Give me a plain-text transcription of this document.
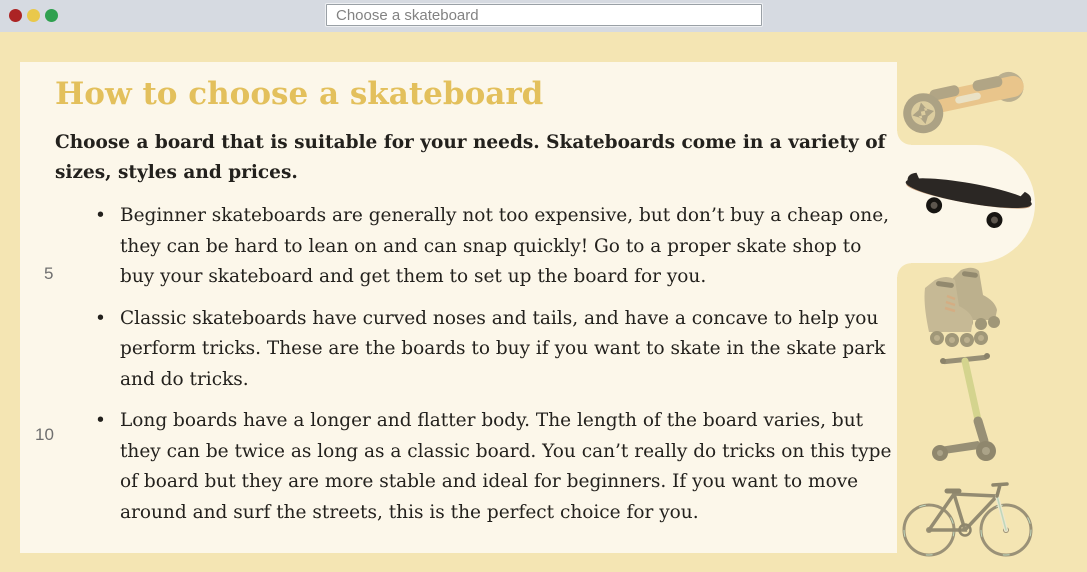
Choose a skateboard
How to choose a skateboard

Choose a board that is suitable for your needs. Skateboards come in a variety of sizes, styles and prices.

• Beginner skateboards are generally not too expensive, but don’t buy a cheap one, they can be hard to lean on and can snap quickly! Go to a proper skate shop to buy your skateboard and get them to set up the board for you.
• Classic skateboards have curved noses and tails, and have a concave to help you perform tricks. These are the boards to buy if you want to skate in the skate park and do tricks.
• Long boards have a longer and flatter body. The length of the board varies, but they can be twice as long as a classic board. You can’t really do tricks on this type of board but they are more stable and ideal for beginners. If you want to move around and surf the streets, this is the perfect choice for you.
5
10
